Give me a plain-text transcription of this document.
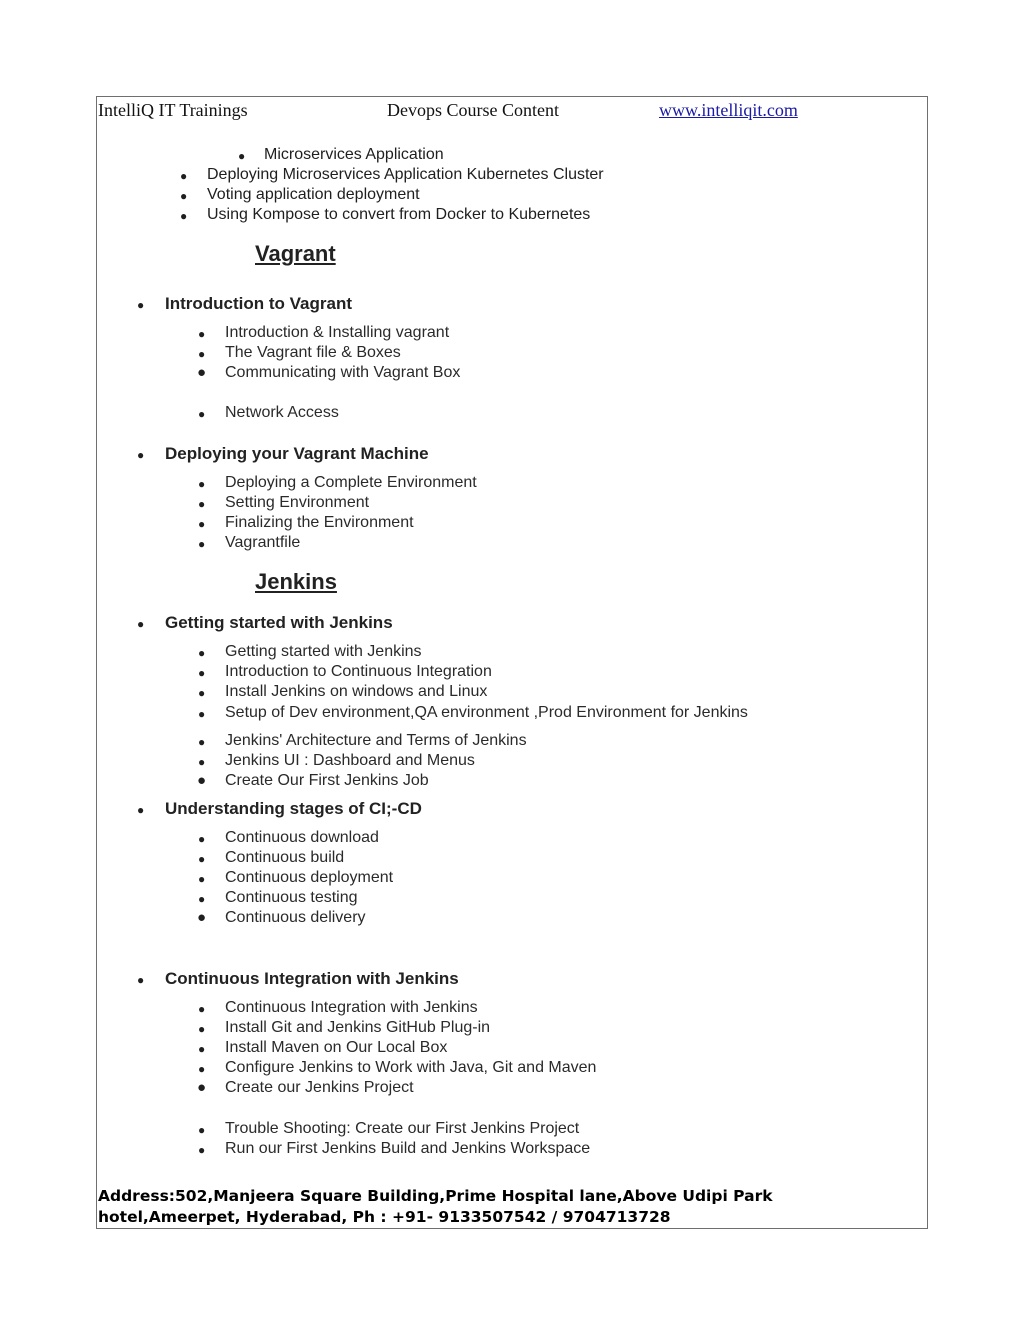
IntelliQ IT Trainings	Devops Course Content	www.intelliqit.com
● Microservices Application
● Deploying Microservices Application Kubernetes Cluster
● Voting application deployment
● Using Kompose to convert from Docker to Kubernetes
Vagrant
● Introduction to Vagrant
● Introduction & Installing vagrant
● The Vagrant file & Boxes
● Communicating with Vagrant Box
● Network Access
● Deploying your Vagrant Machine
● Deploying a Complete Environment
● Setting Environment
● Finalizing the Environment
● Vagrantfile
Jenkins
● Getting started with Jenkins
● Getting started with Jenkins
● Introduction to Continuous Integration
● Install Jenkins on windows and Linux
● Setup of Dev environment,QA environment ,Prod Environment for Jenkins
● Jenkins' Architecture and Terms of Jenkins
● Jenkins UI : Dashboard and Menus
● Create Our First Jenkins Job
● Understanding stages of CI;-CD
● Continuous download
● Continuous build
● Continuous deployment
● Continuous testing
● Continuous delivery
● Continuous Integration with Jenkins
● Continuous Integration with Jenkins
● Install Git and Jenkins GitHub Plug-in
● Install Maven on Our Local Box
● Configure Jenkins to Work with Java, Git and Maven
● Create our Jenkins Project
● Trouble Shooting: Create our First Jenkins Project
● Run our First Jenkins Build and Jenkins Workspace
Address:502,Manjeera Square Building,Prime Hospital lane,Above Udipi Park
hotel,Ameerpet, Hyderabad, Ph : +91- 9133507542 / 9704713728
